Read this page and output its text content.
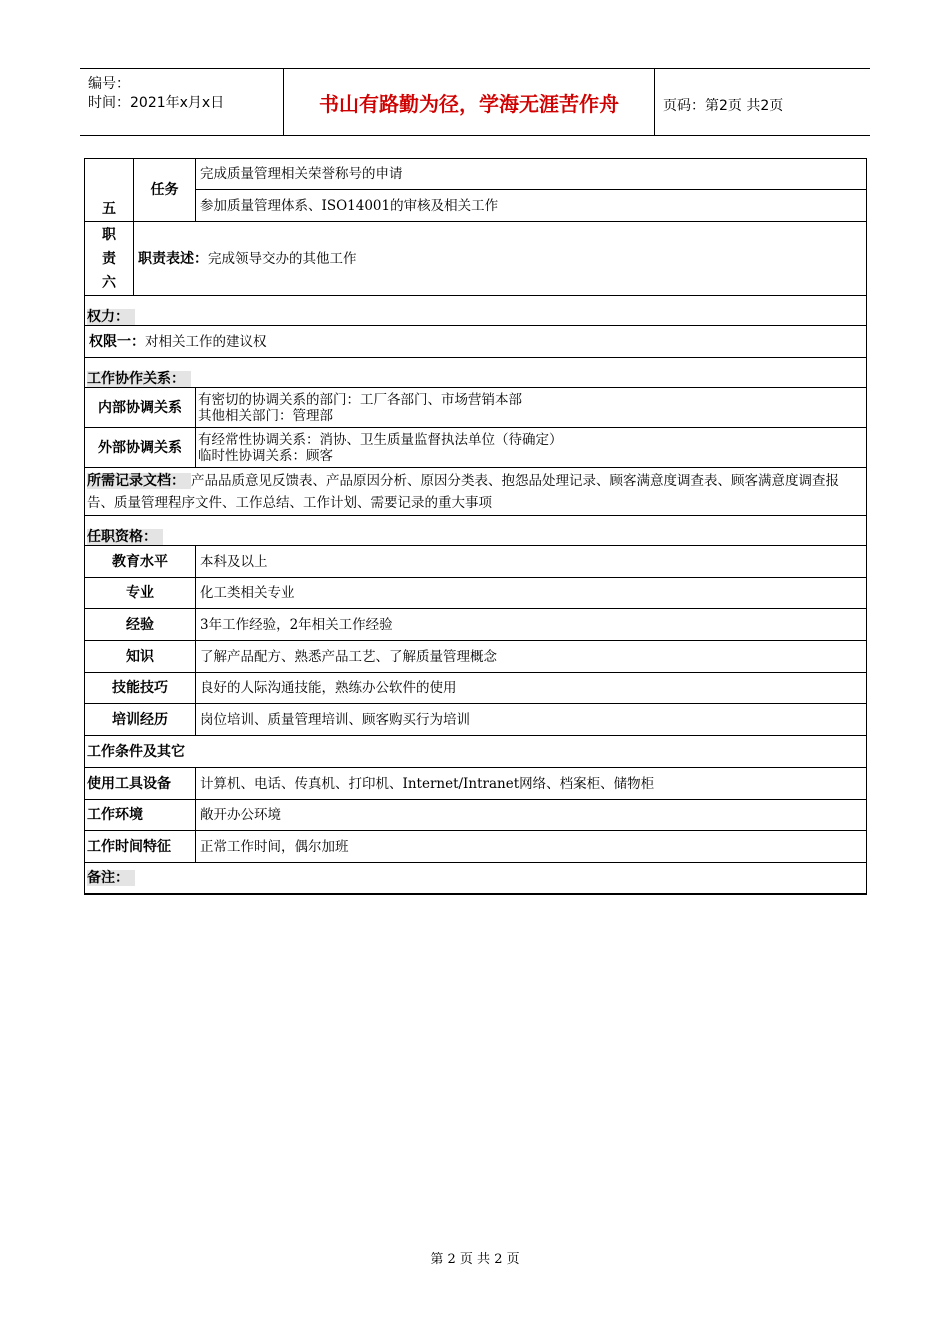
编号：
时间：2021年x月x日	书山有路勤为径，学海无涯苦作舟	页码：第2页 共2页
五	任务	完成质量管理相关荣誉称号的申请
		参加质量管理体系、ISO14001的审核及相关工作
职责六	职责表述：完成领导交办的其他工作	
权力：		
权限一：对相关工作的建议权		
工作协作关系：		
内部协调关系		有密切的协调关系的部门：工厂各部门、市场营销本部
其他相关部门：管理部

外部协调关系		有经常性协调关系：消协、卫生质量监督执法单位（待确定）
临时性协调关系：顾客

所需记录文档： 产品品质意见反馈表、产品原因分析、原因分类表、抱怨品处理记录、顾客满意度调查表、顾客满意度调查报告、质量管理程序文件、工作总结、工作计划、需要记录的重大事项		
任职资格：		
教育水平		本科及以上
专业		化工类相关专业
经验		3年工作经验，2年相关工作经验
知识		了解产品配方、熟悉产品工艺、了解质量管理概念
技能技巧		良好的人际沟通技能，熟练办公软件的使用
培训经历		岗位培训、质量管理培训、顾客购买行为培训
工作条件及其它		
使用工具设备		计算机、电话、传真机、打印机、Internet/Intranet网络、档案柜、储物柜
工作环境		敞开办公环境
工作时间特征		正常工作时间，偶尔加班
备注：		
第 2 页 共 2 页
